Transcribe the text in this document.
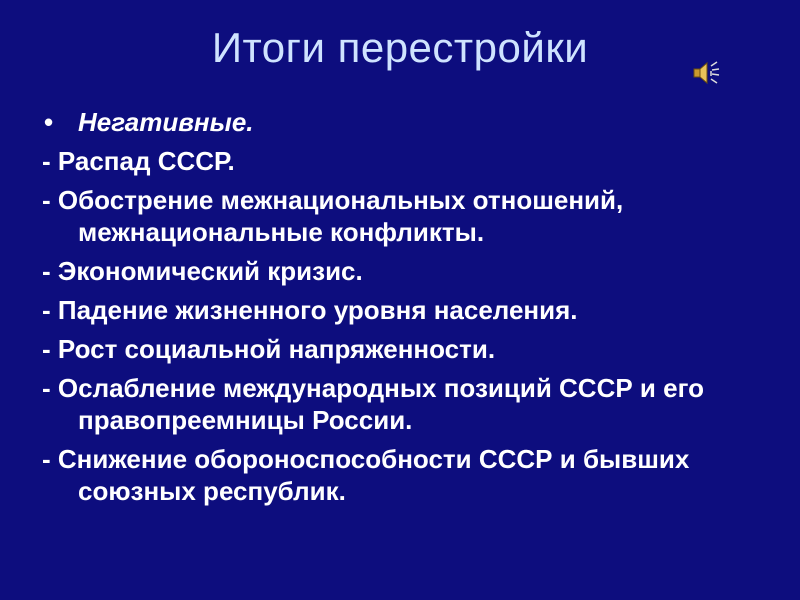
Итоги перестройки
• Негативные.
- Распад СССР.
- Обострение межнациональных отношений, межнациональные конфликты.
- Экономический кризис.
- Падение жизненного уровня населения.
- Рост социальной напряженности.
- Ослабление международных позиций СССР и его правопреемницы России.
- Снижение обороноспособности СССР и бывших союзных республик.
